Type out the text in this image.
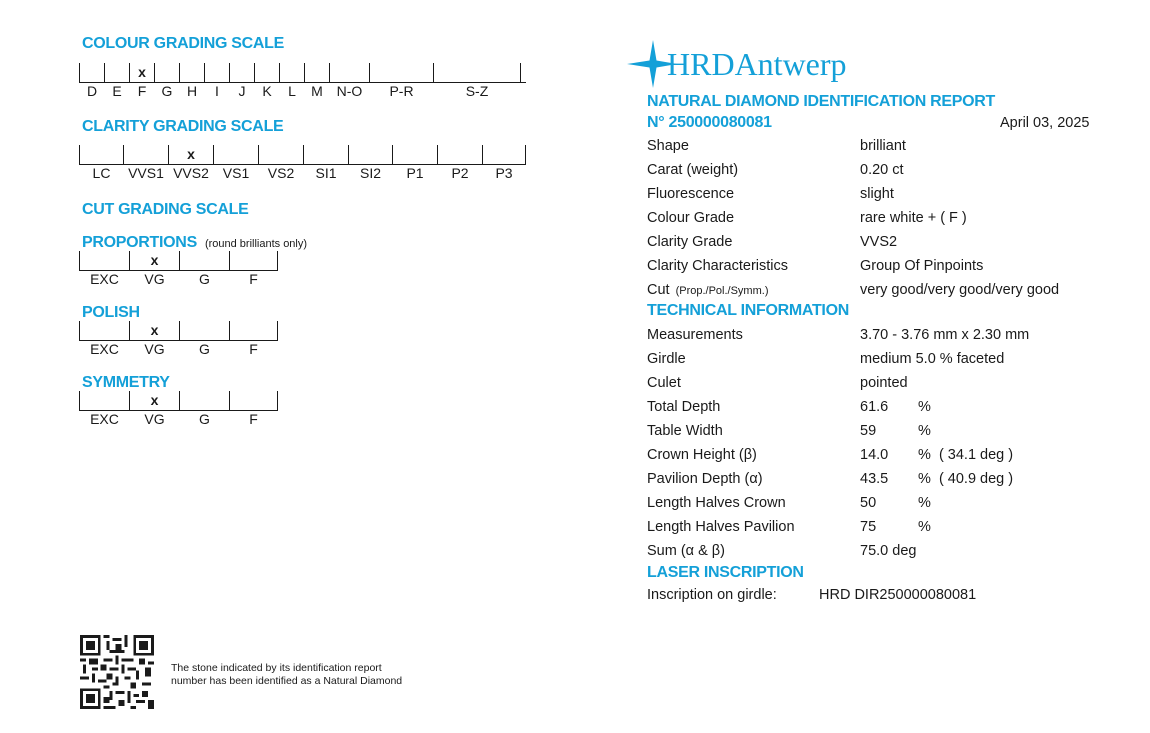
COLOUR GRADING SCALE
D	E
x
F	G	H	I	J	K	L	M N-O	P-R	S-Z
CLARITY GRADING SCALE
LC	VVS1
x
VVS2 VS1	VS2	SI1	SI2	P1	P2	P3
CUT GRADING SCALE
PROPORTIONS (round brilliants only)
EXC
x
VG	G	F
POLISH
EXC
x
VG	G	F
SYMMETRY
EXC
x
VG	G	F
The stone indicated by its identification report number has been identified as a Natural Diamond
HRDAntwerp
NATURAL DIAMOND IDENTIFICATION REPORT
N° 250000080081	April 03, 2025
Shape	brilliant
Carat (weight)	0.20 ct
Fluorescence	slight
Colour Grade	rare white + ( F )
Clarity Grade	VVS2
Clarity Characteristics	Group Of Pinpoints
Cut (Prop./Pol./Symm.)	very good/very good/very good
TECHNICAL INFORMATION
Measurements	3.70 - 3.76 mm x 2.30 mm
Girdle	medium 5.0 % faceted
Culet	pointed
Total Depth	61.6 %
Table Width	59	%
Crown Height (β)	14.0 %  ( 34.1 deg )
Pavilion Depth (α)	43.5 %  ( 40.9 deg )
Length Halves Crown	50	%
Length Halves Pavilion	75	%
Sum (α & β)	75.0 deg
LASER INSCRIPTION
Inscription on girdle:	HRD DIR250000080081
